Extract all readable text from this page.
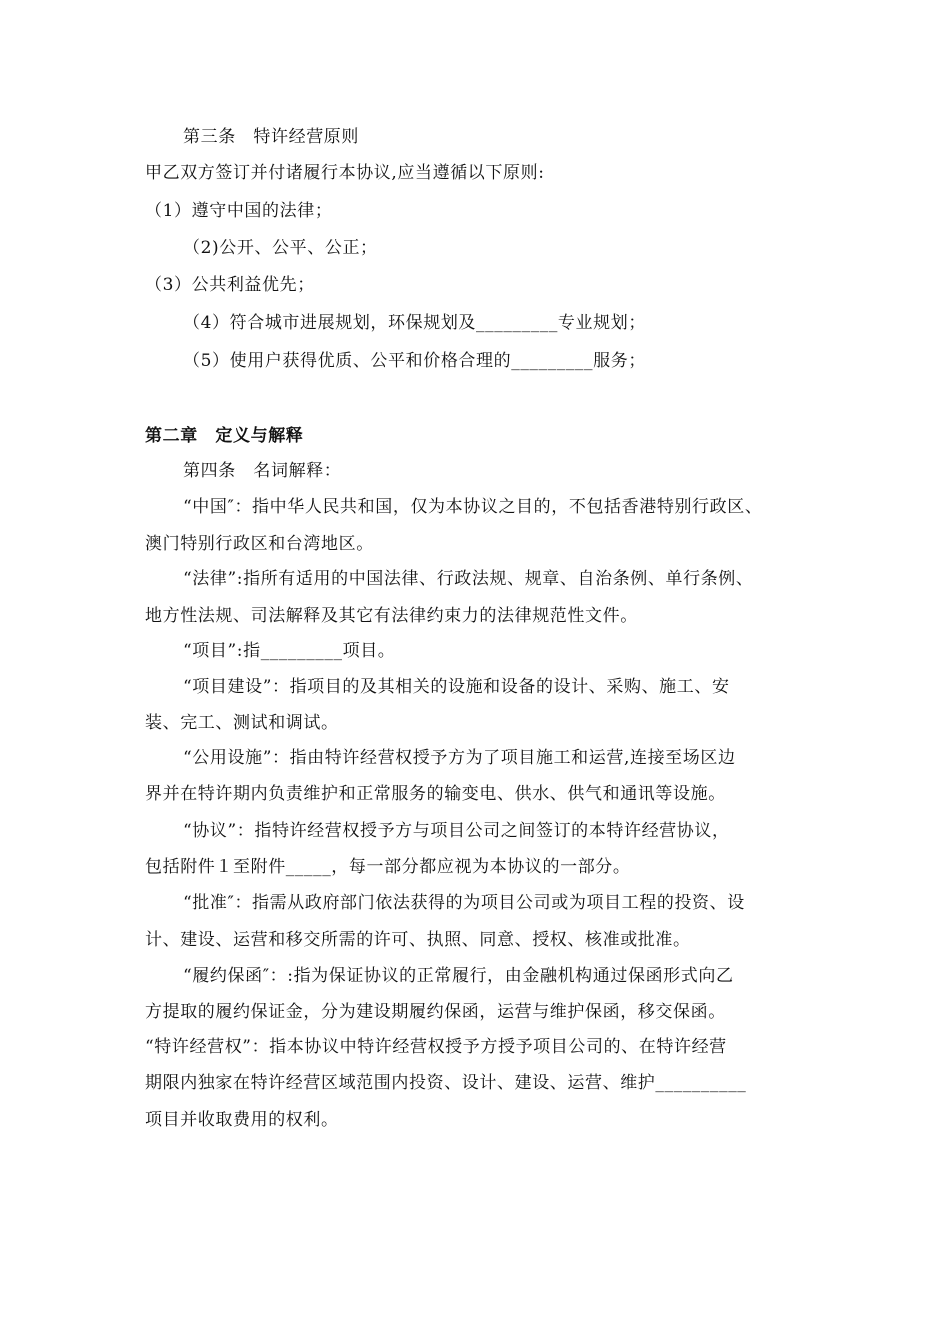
第三条　特许经营原则
甲乙双方签订并付诸履行本协议,应当遵循以下原则:
（1）遵守中国的法律；
（2)公开、公平、公正；
（3）公共利益优先；
（4）符合城市进展规划，环保规划及_________专业规划；
（5）使用户获得优质、公平和价格合理的_________服务；
第二章　定义与解释
第四条　名词解释：
“中国″：指中华人民共和国，仅为本协议之目的，不包括香港特别行政区、
澳门特别行政区和台湾地区。
“法律”:指所有适用的中国法律、行政法规、规章、自治条例、单行条例、
地方性法规、司法解释及其它有法律约束力的法律规范性文件。
“项目”:指_________项目。
“项目建设”：指项目的及其相关的设施和设备的设计、采购、施工、安
装、完工、测试和调试。
“公用设施”：指由特许经营权授予方为了项目施工和运营,连接至场区边
界并在特许期内负责维护和正常服务的输变电、供水、供气和通讯等设施。
“协议”：指特许经营权授予方与项目公司之间签订的本特许经营协议，
包括附件１至附件_____，每一部分都应视为本协议的一部分。
“批准″：指需从政府部门依法获得的为项目公司或为项目工程的投资、设
计、建设、运营和移交所需的许可、执照、同意、授权、核准或批准。
“履约保函″：:指为保证协议的正常履行，由金融机构通过保函形式向乙
方提取的履约保证金，分为建设期履约保函，运营与维护保函，移交保函。
“特许经营权”：指本协议中特许经营权授予方授予项目公司的、在特许经营
期限内独家在特许经营区域范围内投资、设计、建设、运营、维护__________
项目并收取费用的权利。
